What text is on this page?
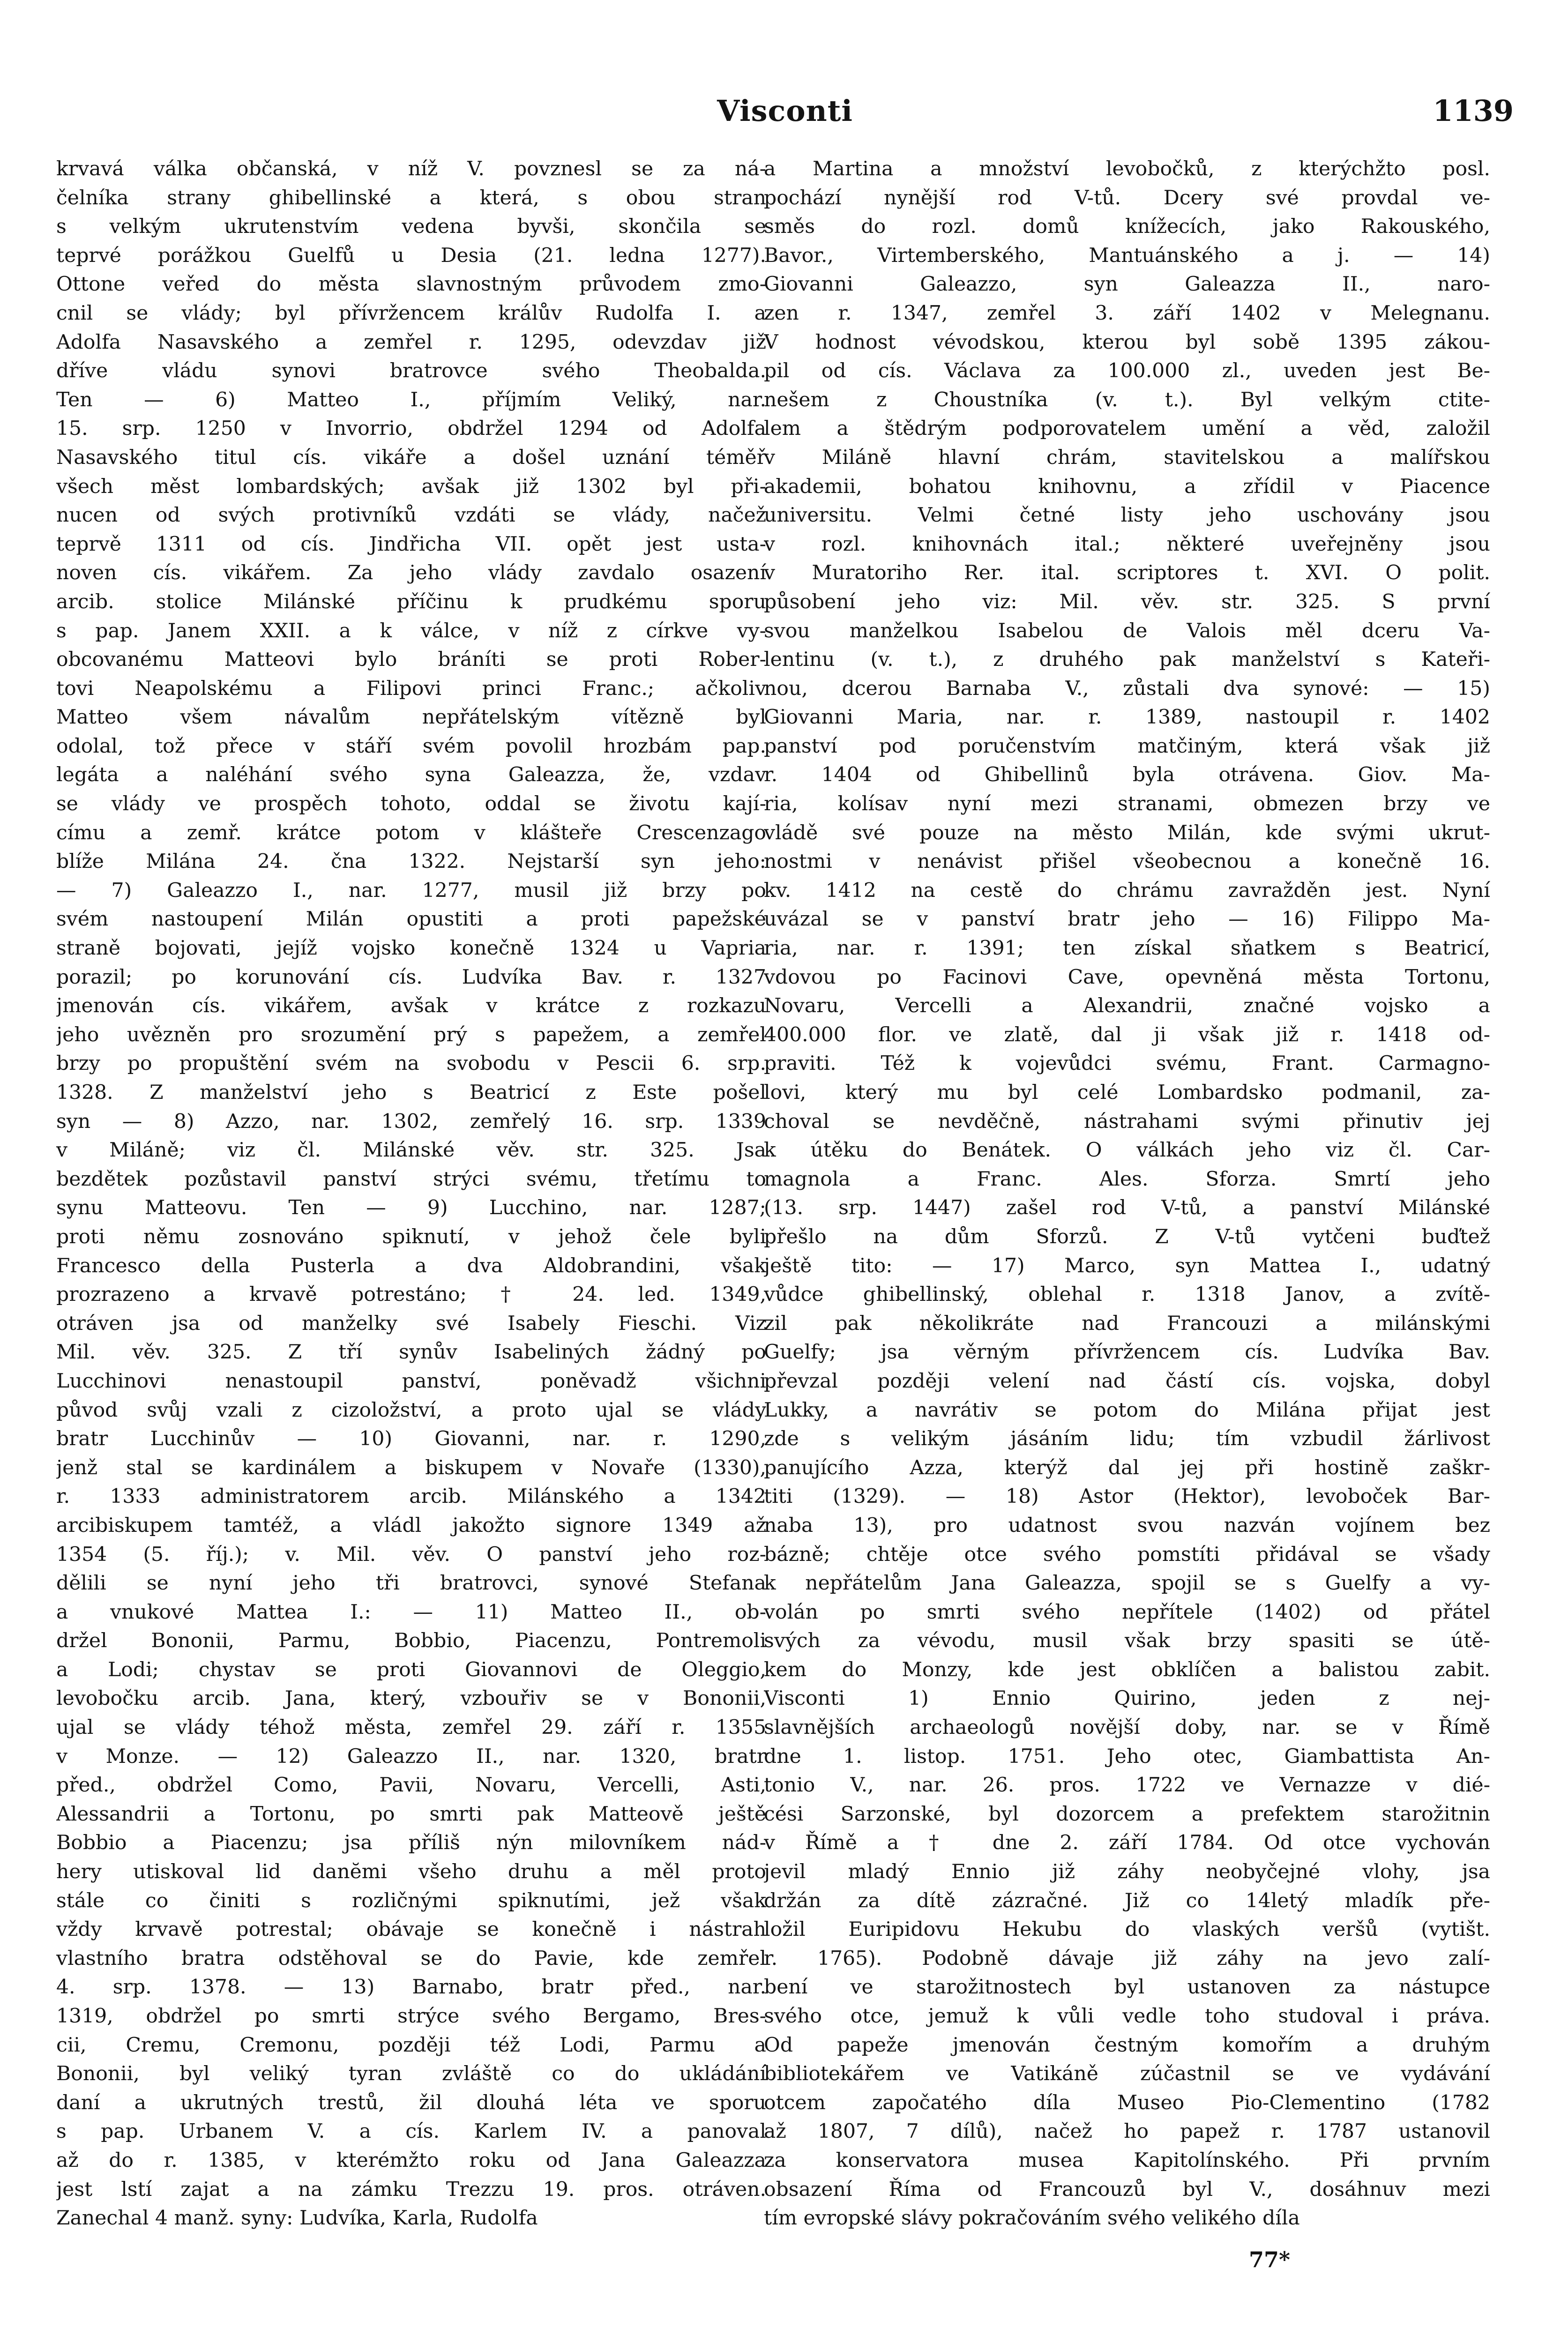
Visconti	1139
krvavá válka občanská, v níž V. povznesl se za ná-
čelníka strany ghibellinské a která, s obou stran
s velkým ukrutenstvím vedena byvši, skončila se
teprvé porážkou Guelfů u Desia (21. ledna 1277).
Ottone veřed do města slavnostným průvodem zmo-
cnil se vlády; byl přívržencem králův Rudolfa I. a
Adolfa Nasavského a zemřel r. 1295, odevzdav již
dříve vládu synovi bratrovce svého Theobalda.
Ten — 6) Matteo I., příjmím Veliký, nar.
15. srp. 1250 v Invorrio, obdržel 1294 od Adolfa
Nasavského titul cís. vikáře a došel uznání téměř
všech měst lombardských; avšak již 1302 byl při-
nucen od svých protivníků vzdáti se vlády, načež
teprvě 1311 od cís. Jindřicha VII. opět jest ustа-
noven cís. vikářem. Za jeho vlády zavdalo osazení
arcib. stolice Milánské příčinu k prudkému sporu
s pap. Janem XXII. a k válce, v níž z církve vy-
obcovanému Matteovi bylo bráníti se proti Rober-
tovi Neapolskému a Filipovi princi Franc.; ačkoliv
Matteo všem návalům nepřátelským vítězně byl
odolal, tož přece v stáří svém povolil hrozbám pap.
legáta a naléhání svého syna Galeazza, že, vzdav
se vlády ve prospěch tohoto, oddal se životu kají-
címu a zemř. krátce potom v klášteře Crescenzago
blíže Milána 24. čna 1322. Nejstarší syn jeho:
— 7) Galeazzo I., nar. 1277, musil již brzy po
svém nastoupení Milán opustiti a proti papežské
straně bojovati, jejíž vojsko konečně 1324 u Vapria
porazil; po korunování cís. Ludvíka Bav. r. 1327
jmenován cís. vikářem, avšak v krátce z rozkazu
jeho uvězněn pro srozumění prý s papežem, a zemřel
brzy po propuštění svém na svobodu v Pescii 6. srp.
1328. Z manželství jeho s Beatricí z Este pošel
syn — 8) Azzo, nar. 1302, zemřelý 16. srp. 1339
v Miláně; viz čl. Milánské věv. str. 325. Jsa
bezdětek pozůstavil panství strýci svému, třetímu to
synu Matteovu. Ten — 9) Lucchino, nar. 1287;
proti němu zosnováno spiknutí, v jehož čele byli
Francesco della Pusterla a dva Aldobrandini, však
prozrazeno a krvavě potrestáno; † 24. led. 1349,
otráven jsa od manželky své Isabely Fieschi. Viz
Mil. věv. 325. Z tří synův Isabeliných žádný po
Lucchinovi nenastoupil panství, poněvadž všichni
původ svůj vzali z cizoložství, a proto ujal se vlády
bratr Lucchinův — 10) Giovanni, nar. r. 1290,
jenž stal se kardinálem a biskupem v Novaře (1330),
r. 1333 administratorem arcib. Milánského a 1342
arcibiskupem tamtéž, a vládl jakožto signore 1349 až
1354 (5. říj.); v. Mil. věv. O panství jeho roz-
dělili se nyní jeho tři bratrovci, synové Stefana
a vnukové Mattea I.: — 11) Matteo II., ob-
držel Bononii, Parmu, Bobbio, Piacenzu, Pontremoli
a Lodi; chystav se proti Giovannovi de Oleggio,
levobočku arcib. Jana, který, vzbouřiv se v Bononii,
ujal se vlády téhož města, zemřel 29. září r. 1355
v Monze. — 12) Galeazzo II., nar. 1320, bratr
před., obdržel Como, Pavii, Novaru, Vercelli, Asti,
Alessandrii a Tortonu, po smrti pak Matteově ještě
Bobbio a Piacenzu; jsa příliš nýn milovníkem nád-
hery utiskoval lid danĕmi všeho druhu a měl proto
stále co činiti s rozličnými spiknutími, jež však
vždy krvavě potrestal; obávaje se konečně i nástrah
vlastního bratra odstěhoval se do Pavie, kde zemřel
4. srp. 1378. — 13) Barnabo, bratr před., nar.
1319, obdržel po smrti strýce svého Bergamo, Bres-
cii, Cremu, Cremonu, později též Lodi, Parmu a
Bononii, byl veliký tyran zvláště co do ukládání
daní a ukrutných trestů, žil dlouhá léta ve sporu
s pap. Urbanem V. a cís. Karlem IV. a panoval
až do r. 1385, v kterémžto roku od Jana Galeazza
jest lstí zajat a na zámku Trezzu 19. pros. otráven.
Zanechal 4 manž. syny: Ludvíka, Karla, Rudolfa
a Martina a množství levobočků, z kterýchžto posl.
pochází nynější rod V-tů. Dcery své provdal ve-
směs do rozl. domů knížecích, jako Rakouského,
Bavor., Virtemberského, Mantuánského a j. — 14)
Giovanni Galeazzo, syn Galeazza II., naro-
zen r. 1347, zemřel 3. září 1402 v Melegnanu.
V hodnost vévodskou, kterou byl sobě 1395 zákou-
pil od cís. Václava za 100.000 zl., uveden jest Be-
nešem z Choustníka (v. t.). Byl velkým ctite-
lem a štědrým podporovatelem umění a věd, založil
v Miláně hlavní chrám, stavitelskou a malířskou
akademii, bohatou knihovnu, a zřídil v Piacence
universitu. Velmi četné listy jeho uschovány jsou
v rozl. knihovnách ital.; některé uveřejněny jsou
v Muratoriho Rer. ital. scriptores t. XVI. O polit.
působení jeho viz: Mil. věv. str. 325. S první
svou manželkou Isabelou de Valois měl dceru Va-
lentinu (v. t.), z druhého pak manželství s Kateři-
nou, dcerou Barnaba V., zůstali dva synové: — 15)
Giovanni Maria, nar. r. 1389, nastoupil r. 1402
panství pod poručenstvím matčiným, která však již
r. 1404 od Ghibellinů byla otrávena. Giov. Ma-
ria, kolísav nyní mezi stranami, obmezen brzy ve
vládě své pouze na město Milán, kde svými ukrut-
nostmi v nenávist přišel všeobecnou a konečně 16.
kv. 1412 na cestě do chrámu zavražděn jest. Nyní
uvázal se v panství bratr jeho — 16) Filippo Ma-
ria, nar. r. 1391; ten získal sňatkem s Beatricí,
vdovou po Facinovi Cave, opevněná města Tortonu,
Novaru, Vercelli a Alexandrii, značné vojsko a
400.000 flor. ve zlatě, dal ji však již r. 1418 od-
praviti. Též k vojevůdci svému, Frant. Carmagno-
lovi, který mu byl celé Lombardsko podmanil, za-
choval se nevděčně, nástrahami svými přinutiv jej
k útěku do Benátek. O válkách jeho viz čl. Car-
magnola a Franc. Ales. Sforza. Smrtí jeho
(13. srp. 1447) zašel rod V-tů, a panství Milánské
přešlo na dům Sforzů. Z V-tů vytčeni buďtež
ještě tito: — 17) Marco, syn Mattea I., udatný
vůdce ghibellinský, oblehal r. 1318 Janov, a zvítě-
zil pak několikráte nad Francouzi a milánskými
Guelfy; jsa věrným přívržencem cís. Ludvíka Bav.
převzal později velení nad částí cís. vojska, dobyl
Lukky, a navrátiv se potom do Milána přijat jest
zde s velikým jásáním lidu; tím vzbudil žárlivost
panujícího Azza, kterýž dal jej při hostině zaškr-
titi (1329). — 18) Astor (Hektor), levoboček Bar-
naba 13), pro udatnost svou nazván vojínem bez
bázně; chtěje otce svého pomstíti přidával se všady
k nepřátelům Jana Galeazza, spojil se s Guelfy a vy-
volán po smrti svého nepřítele (1402) od přátel
svých za vévodu, musil však brzy spasiti se útě-
kem do Monzy, kde jest obklíčen a balistou zabit.
Visconti 1) Ennio Quirino, jeden z nej-
slavnějších archaeologů novější doby, nar. se v Římě
dne 1. listop. 1751. Jeho otec, Giambattista An-
tonio V., nar. 26. pros. 1722 ve Vernazze v dié-
cési Sarzonské, byl dozorcem a prefektem starožitnin
v Římě a † dne 2. září 1784. Od otce vychován
jevil mladý Ennio již záhy neobyčejné vlohy, jsa
držán za dítě zázračné. Již co 14letý mladík pře-
ložil Euripidovu Hekubu do vlaských veršů (vytišt.
r. 1765). Podobně dávaje již záhy na jevo zalí-
bení ve starožitnostech byl ustanoven za nástupce
svého otce, jemuž k vůli vedle toho studoval i práva.
Od papeže jmenován čestným komořím a druhým
bibliotekářem ve Vatikáně zúčastnil se ve vydávání
otcem započatého díla Museo Pio-Clementino (1782
až 1807, 7 dílů), načež ho papež r. 1787 ustanovil
za konservatora musea Kapitolínského. Při prvním
obsazení Říma od Francouzů byl V., dosáhnuv mezi
tím evropské slávy pokračováním svého velikého díla
77*
